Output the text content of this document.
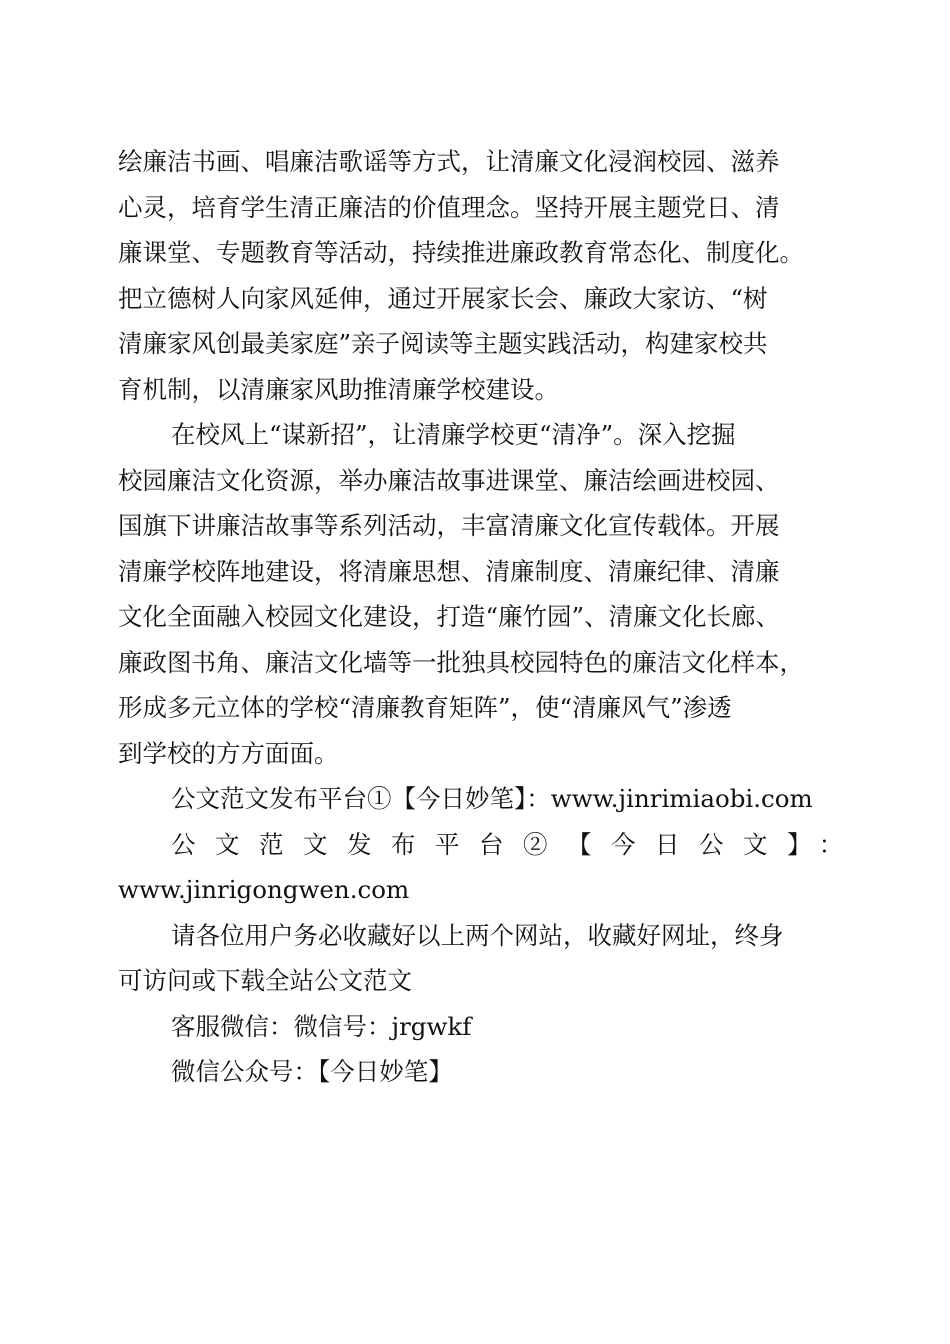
绘廉洁书画、唱廉洁歌谣等方式，让清廉文化浸润校园、滋养
心灵，培育学生清正廉洁的价值理念。坚持开展主题党日、清
廉课堂、专题教育等活动，持续推进廉政教育常态化、制度化。
把立德树人向家风延伸，通过开展家长会、廉政大家访、“树
清廉家风创最美家庭”亲子阅读等主题实践活动，构建家校共
育机制，以清廉家风助推清廉学校建设。
在校风上“谋新招”，让清廉学校更“清净”。深入挖掘
校园廉洁文化资源，举办廉洁故事进课堂、廉洁绘画进校园、
国旗下讲廉洁故事等系列活动，丰富清廉文化宣传载体。开展
清廉学校阵地建设，将清廉思想、清廉制度、清廉纪律、清廉
文化全面融入校园文化建设，打造“廉竹园”、清廉文化长廊、
廉政图书角、廉洁文化墙等一批独具校园特色的廉洁文化样本，
形成多元立体的学校“清廉教育矩阵”，使“清廉风气”渗透
到学校的方方面面。
公文范文发布平台①【今日妙笔】：www.jinrimiaobi.com
公文范文发布平台②【今日公文】：
www.jinrigongwen.com
请各位用户务必收藏好以上两个网站，收藏好网址，终身
可访问或下载全站公文范文
客服微信：微信号：jrgwkf
微信公众号：【今日妙笔】
